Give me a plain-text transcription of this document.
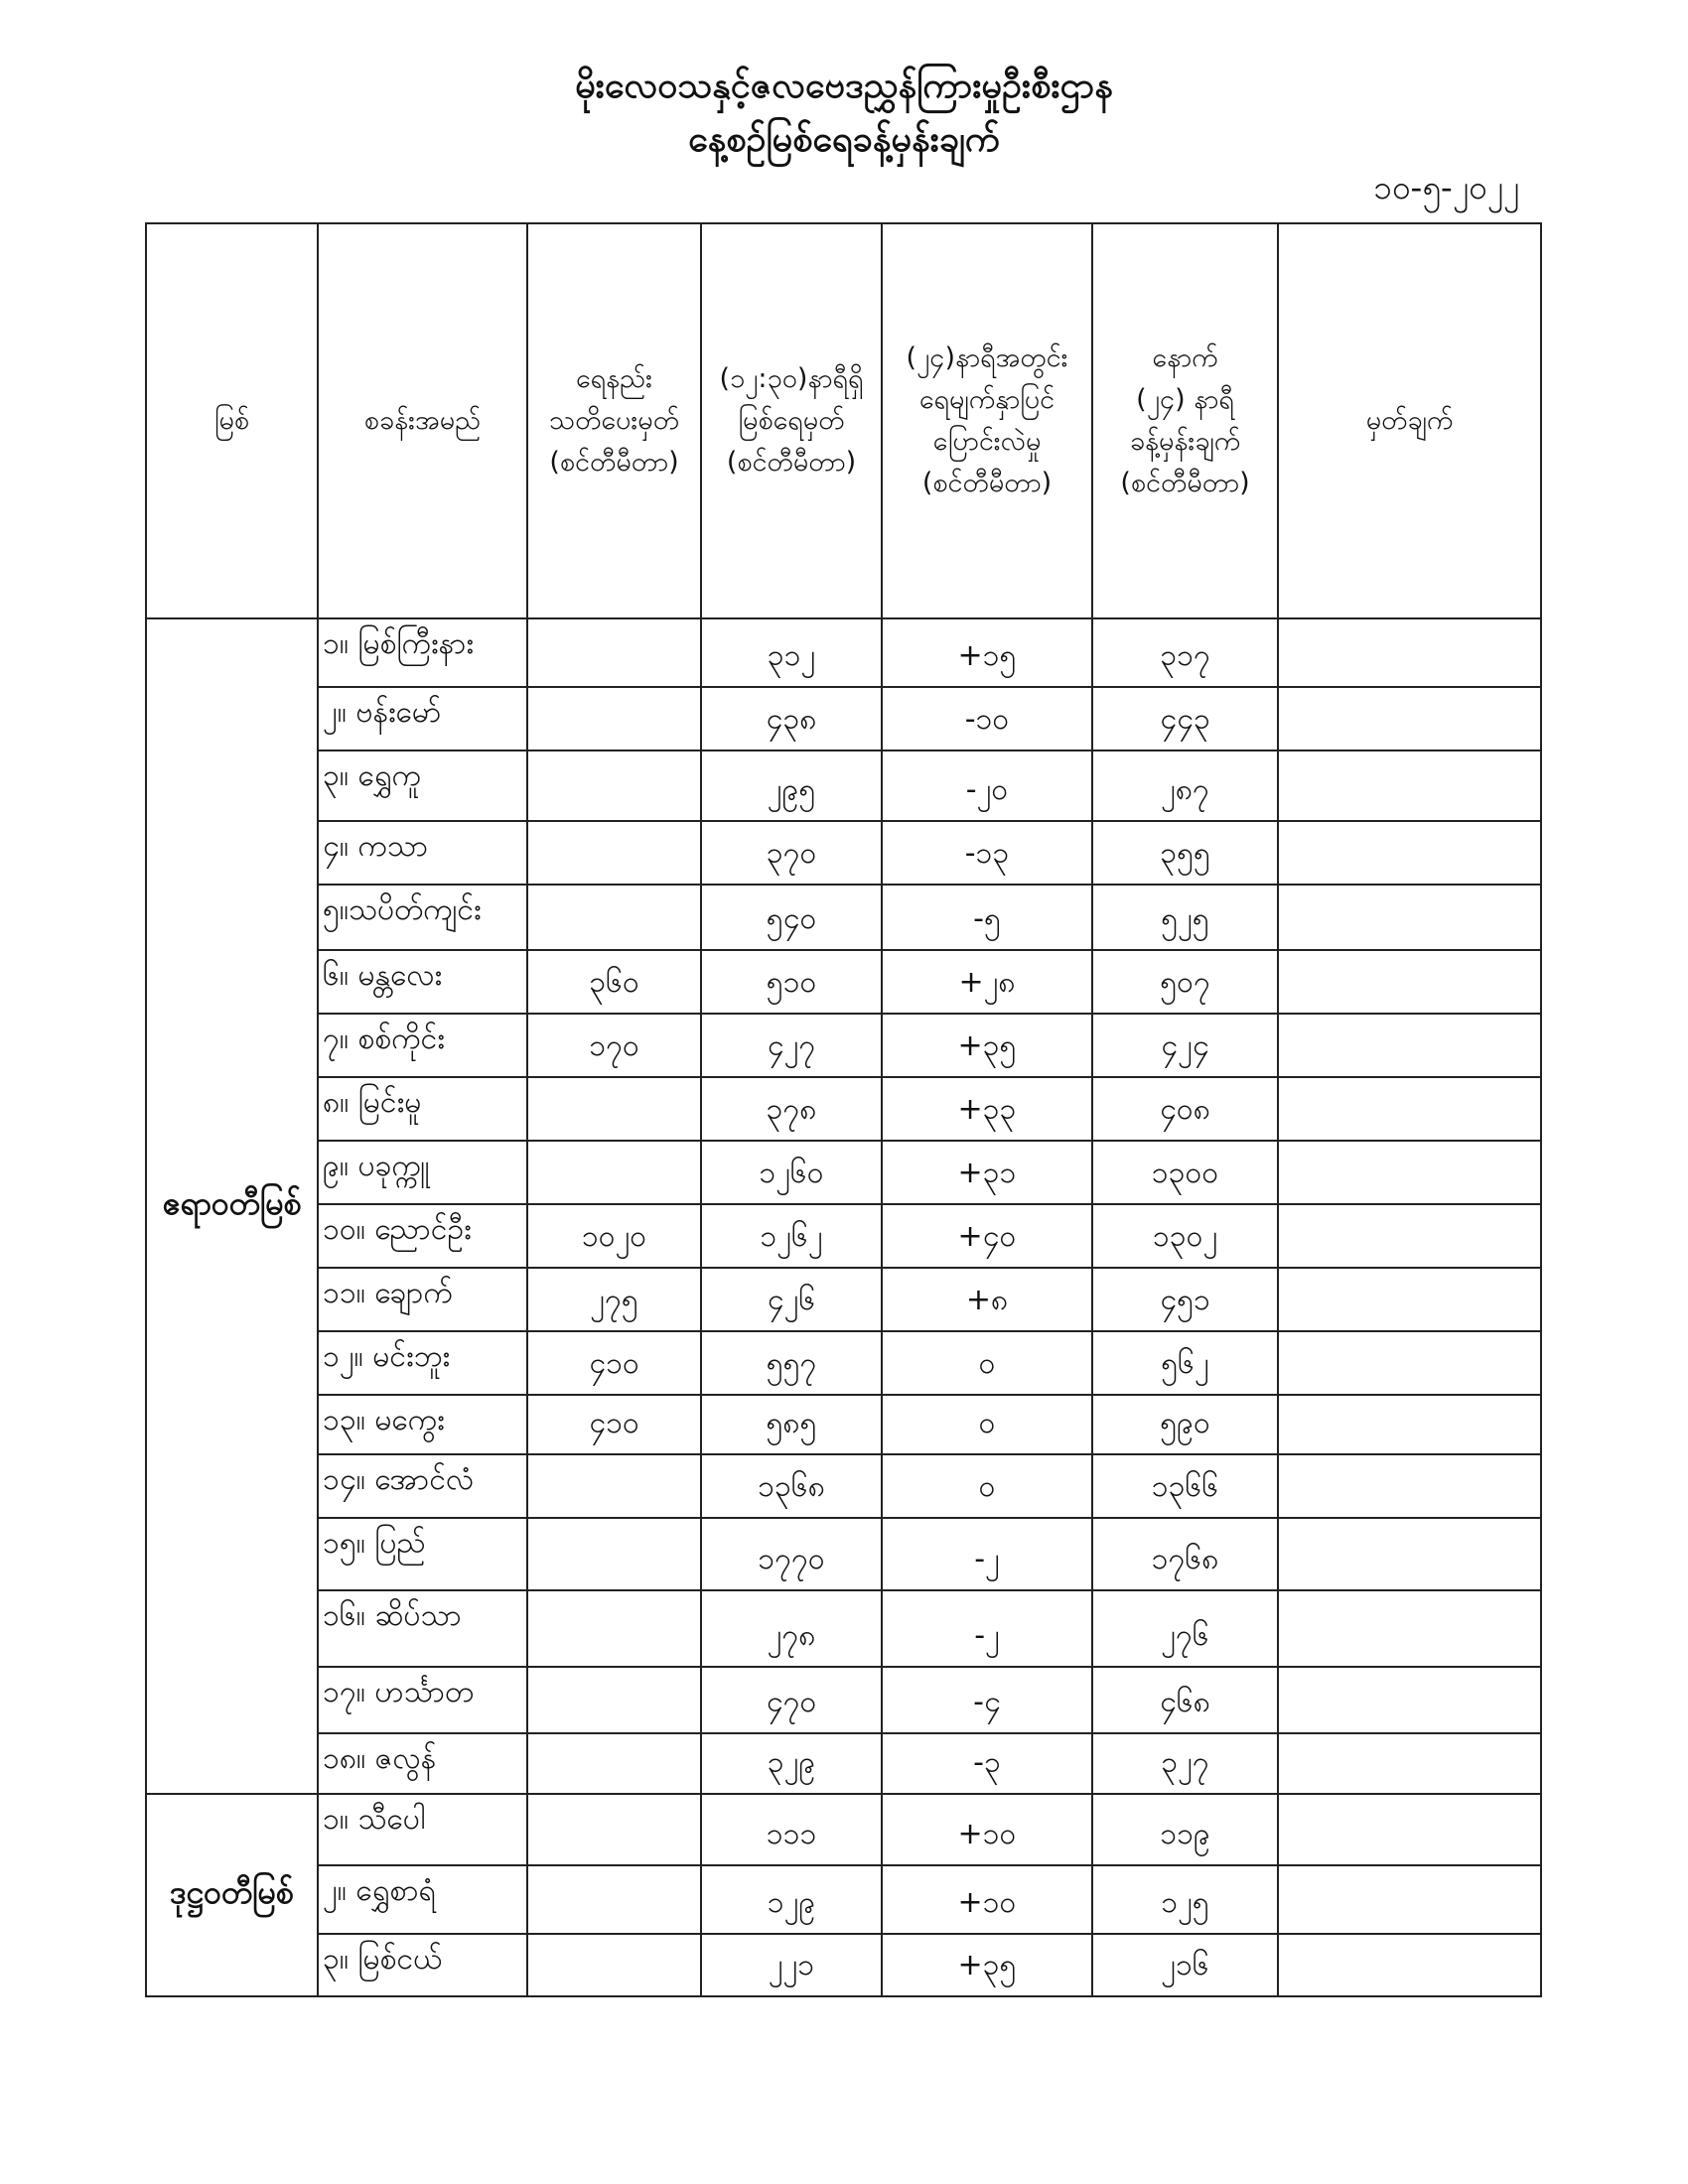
မိုးလေဝသနှင့်ဇလဗေဒညွှန်ကြားမှုဦးစီးဌာန
နေ့စဉ်မြစ်ရေခန့်မှန်းချက်
၁၀-၅-၂၀၂၂
မြစ်	စခန်းအမည်	ရေနည်း
သတိပေးမှတ်
(စင်တီမီတာ)	(၁၂:၃၀)နာရီရှိ
မြစ်ရေမှတ်
(စင်တီမီတာ)	(၂၄)နာရီအတွင်း
ရေမျက်နှာပြင်
ပြောင်းလဲမှု
(စင်တီမီတာ)	နောက်
(၂၄) နာရီ
ခန့်မှန်းချက်
(စင်တီမီတာ)	မှတ်ချက်

ဧရာဝတီမြစ်	၁။ မြစ်ကြီးနား		၃၁၂	+၁၅	၃၁၇	
	၂။ ဗန်းမော်		၄၃၈	-၁၀	၄၄၃	
	၃။ ရွှေကူ		၂၉၅	-၂၀	၂၈၇	
	၄။ ကသာ		၃၇၀	-၁၃	၃၅၅	
	၅။သပိတ်ကျင်း		၅၄၀	-၅	၅၂၅	
	၆။ မန္တလေး	၃၆၀	၅၁၀	+၂၈	၅၀၇	
	၇။ စစ်ကိုင်း	၁၇၀	၄၂၇	+၃၅	၄၂၄	
	၈။ မြင်းမူ		၃၇၈	+၃၃	၄၀၈	
	၉။ ပခုက္ကူ		၁၂၆၀	+၃၁	၁၃၀၀	
	၁၀။ ညောင်ဦး	၁၀၂၀	၁၂၆၂	+၄၀	၁၃၀၂	
	၁၁။ ချောက်	၂၇၅	၄၂၆	+၈	၄၅၁	
	၁၂။ မင်းဘူး	၄၁၀	၅၅၇	၀	၅၆၂	
	၁၃။ မကွေး	၄၁၀	၅၈၅	၀	၅၉၀	
	၁၄။ အောင်လံ		၁၃၆၈	၀	၁၃၆၆	
	၁၅။ ပြည်		၁၇၇၀	-၂	၁၇၆၈	
	၁၆။ ဆိပ်သာ		၂၇၈	-၂	၂၇၆	
	၁၇။ ဟင်္သာတ		၄၇၀	-၄	၄၆၈	
	၁၈။ ဇလွန်		၃၂၉	-၃	၃၂၇	
ဒုဋ္ဌဝတီမြစ်	၁။ သီပေါ		၁၁၁	+၁၀	၁၁၉	
	၂။ ရွှေစာရံ		၁၂၉	+၁၀	၁၂၅	
	၃။ မြစ်ငယ်		၂၂၁	+၃၅	၂၁၆	
